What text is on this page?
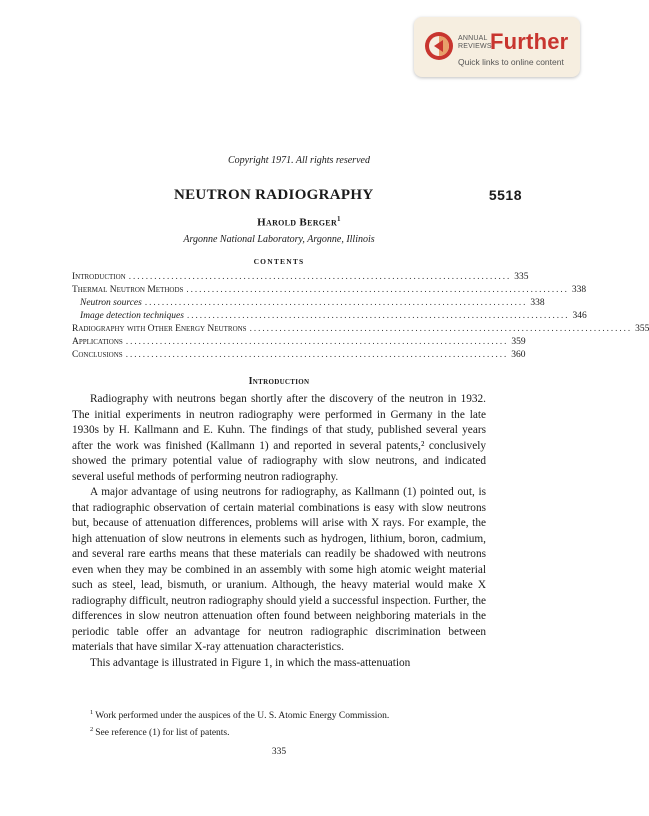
ANNUAL
REVIEWS
Further
Quick links to online content
Copyright 1971. All rights reserved
NEUTRON RADIOGRAPHY	5518
Harold Berger$^1$
Argonne National Laboratory, Argonne, Illinois
CONTENTS
Introduction .......................................................................................... 335
Thermal Neutron Methods .......................................................................................... 338
Neutron sources .......................................................................................... 338
Image detection techniques .......................................................................................... 346
Radiography with Other Energy Neutrons .......................................................................................... 355
Applications .......................................................................................... 359
Conclusions .......................................................................................... 360
Introduction

Radiography with neutrons began shortly after the discovery of the neutron in 1932. The initial experiments in neutron radiography were performed in Germany in the late 1930s by H. Kallmann and E. Kuhn. The findings of that study, published several years after the work was finished (Kallmann 1) and reported in several patents,² conclusively showed the primary potential value of radiography with slow neutrons, and indicated several useful methods of performing neutron radiography.

A major advantage of using neutrons for radiography, as Kallmann (1) pointed out, is that radiographic observation of certain material combinations is easy with slow neutrons but, because of attenuation differences, problems will arise with X rays. For example, the high attenuation of slow neutrons in elements such as hydrogen, lithium, boron, cadmium, and several rare earths means that these materials can readily be shadowed with neutrons even when they may be combined in an assembly with some high atomic weight material such as steel, lead, bismuth, or uranium. Although, the heavy material would make X radiography difficult, neutron radiography should yield a successful inspection. Further, the differences in slow neutron attenuation often found between neighboring materials in the periodic table offer an advantage for neutron radiographic discrimination between materials that have similar X-ray attenuation characteristics.

This advantage is illustrated in Figure 1, in which the mass-attenuation

$^1$ Work performed under the auspices of the U. S. Atomic Energy Commission.
$^2$ See reference (1) for list of patents.
335
